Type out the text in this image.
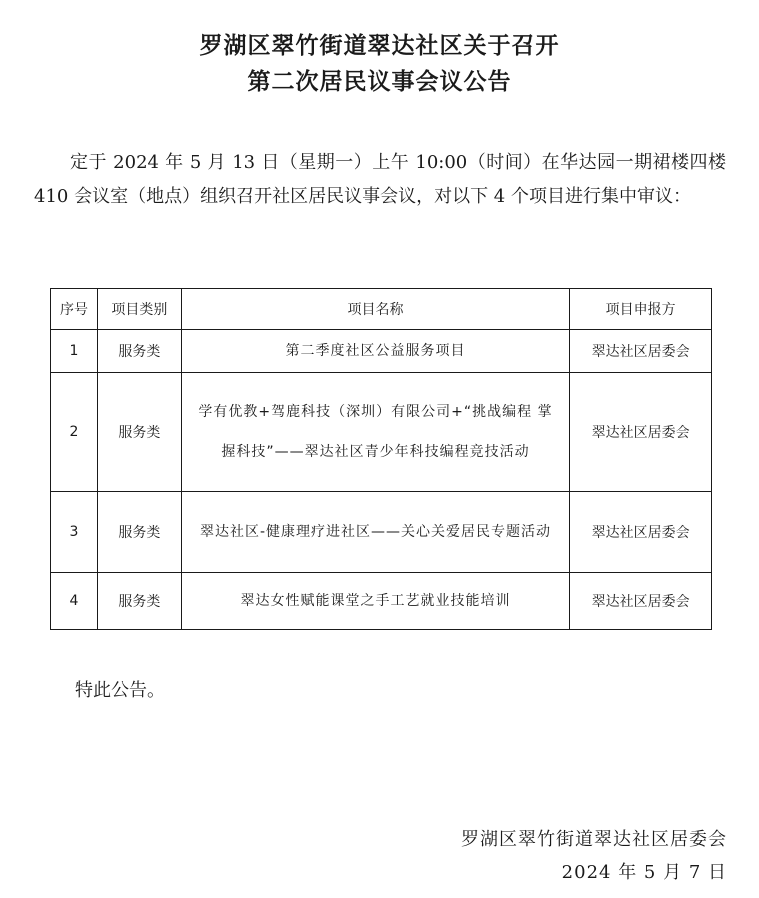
罗湖区翠竹街道翠达社区关于召开
第二次居民议事会议公告

定于 2024 年 5 月 13 日（星期一）上午 10:00（时间）在华达园一期裙楼四楼 410 会议室（地点）组织召开社区居民议事会议，对以下 4 个项目进行集中审议：

序号	项目类别	项目名称	项目申报方
1	服务类	第二季度社区公益服务项目	翠达社区居委会
2	服务类	学有优教+驾鹿科技（深圳）有限公司+“挑战编程 掌握科技”——翠达社区青少年科技编程竞技活动	翠达社区居委会
3	服务类	翠达社区-健康理疗进社区——关心关爱居民专题活动	翠达社区居委会
4	服务类	翠达女性赋能课堂之手工艺就业技能培训	翠达社区居委会
特此公告。
罗湖区翠竹街道翠达社区居委会
2024 年 5 月 7 日
